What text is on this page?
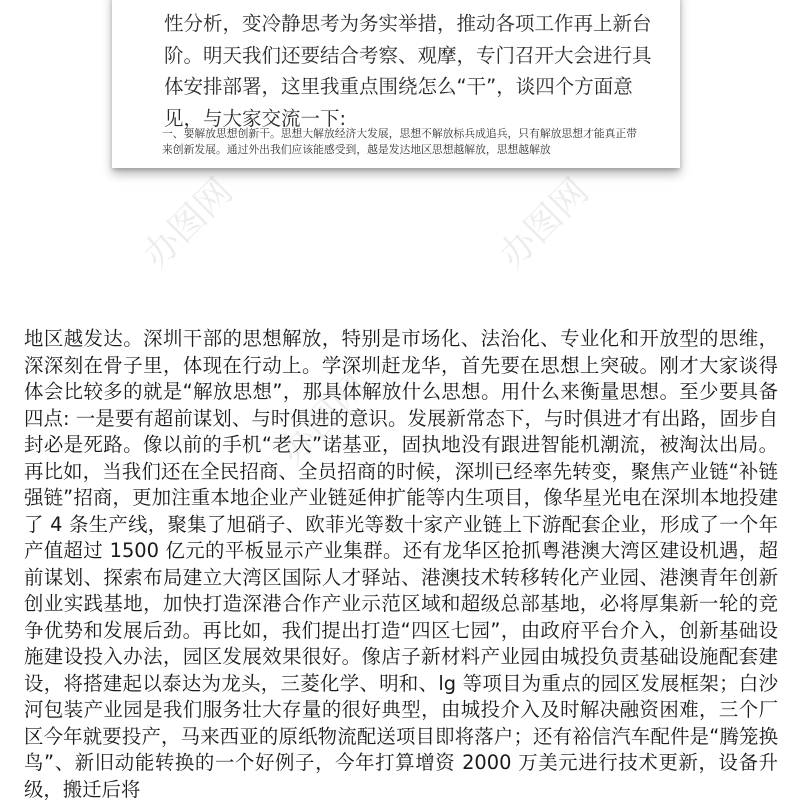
性分析，变冷静思考为务实举措，推动各项工作再上新台阶。明天我们还要结合考察、观摩，专门召开大会进行具体安排部署，这里我重点围绕怎么“干”，谈四个方面意见，与大家交流一下:

一、要解放思想创新干。思想大解放经济大发展，思想不解放标兵成追兵，只有解放思想才能真正带来创新发展。通过外出我们应该能感受到，越是发达地区思想越解放，思想越解放

办图网	办图网
办图网

地区越发达。深圳干部的思想解放，特别是市场化、法治化、专业化和开放型的思维，深深刻在骨子里，体现在行动上。学深圳赶龙华，首先要在思想上突破。刚才大家谈得体会比较多的就是“解放思想”，那具体解放什么思想。用什么来衡量思想。至少要具备四点: 一是要有超前谋划、与时俱进的意识。发展新常态下，与时俱进才有出路，固步自封必是死路。像以前的手机“老大”诺基亚，固执地没有跟进智能机潮流，被淘汰出局。再比如，当我们还在全民招商、全员招商的时候，深圳已经率先转变，聚焦产业链“补链强链”招商，更加注重本地企业产业链延伸扩能等内生项目，像华星光电在深圳本地投建了 4 条生产线，聚集了旭硝子、欧菲光等数十家产业链上下游配套企业，形成了一个年产值超过 1500 亿元的平板显示产业集群。还有龙华区抢抓粤港澳大湾区建设机遇，超前谋划、探索布局建立大湾区国际人才驿站、港澳技术转移转化产业园、港澳青年创新创业实践基地，加快打造深港合作产业示范区域和超级总部基地，必将厚集新一轮的竞争优势和发展后劲。再比如，我们提出打造“四区七园”，由政府平台介入，创新基础设施建设投入办法，园区发展效果很好。像店子新材料产业园由城投负责基础设施配套建设，将搭建起以泰达为龙头，三菱化学、明和、lg 等项目为重点的园区发展框架；白沙河包装产业园是我们服务壮大存量的很好典型，由城投介入及时解决融资困难，三个厂区今年就要投产，马来西亚的原纸物流配送项目即将落户；还有裕信汽车配件是“腾笼换鸟”、新旧动能转换的一个好例子，今年打算增资 2000 万美元进行技术更新，设备升级，搬迁后将
